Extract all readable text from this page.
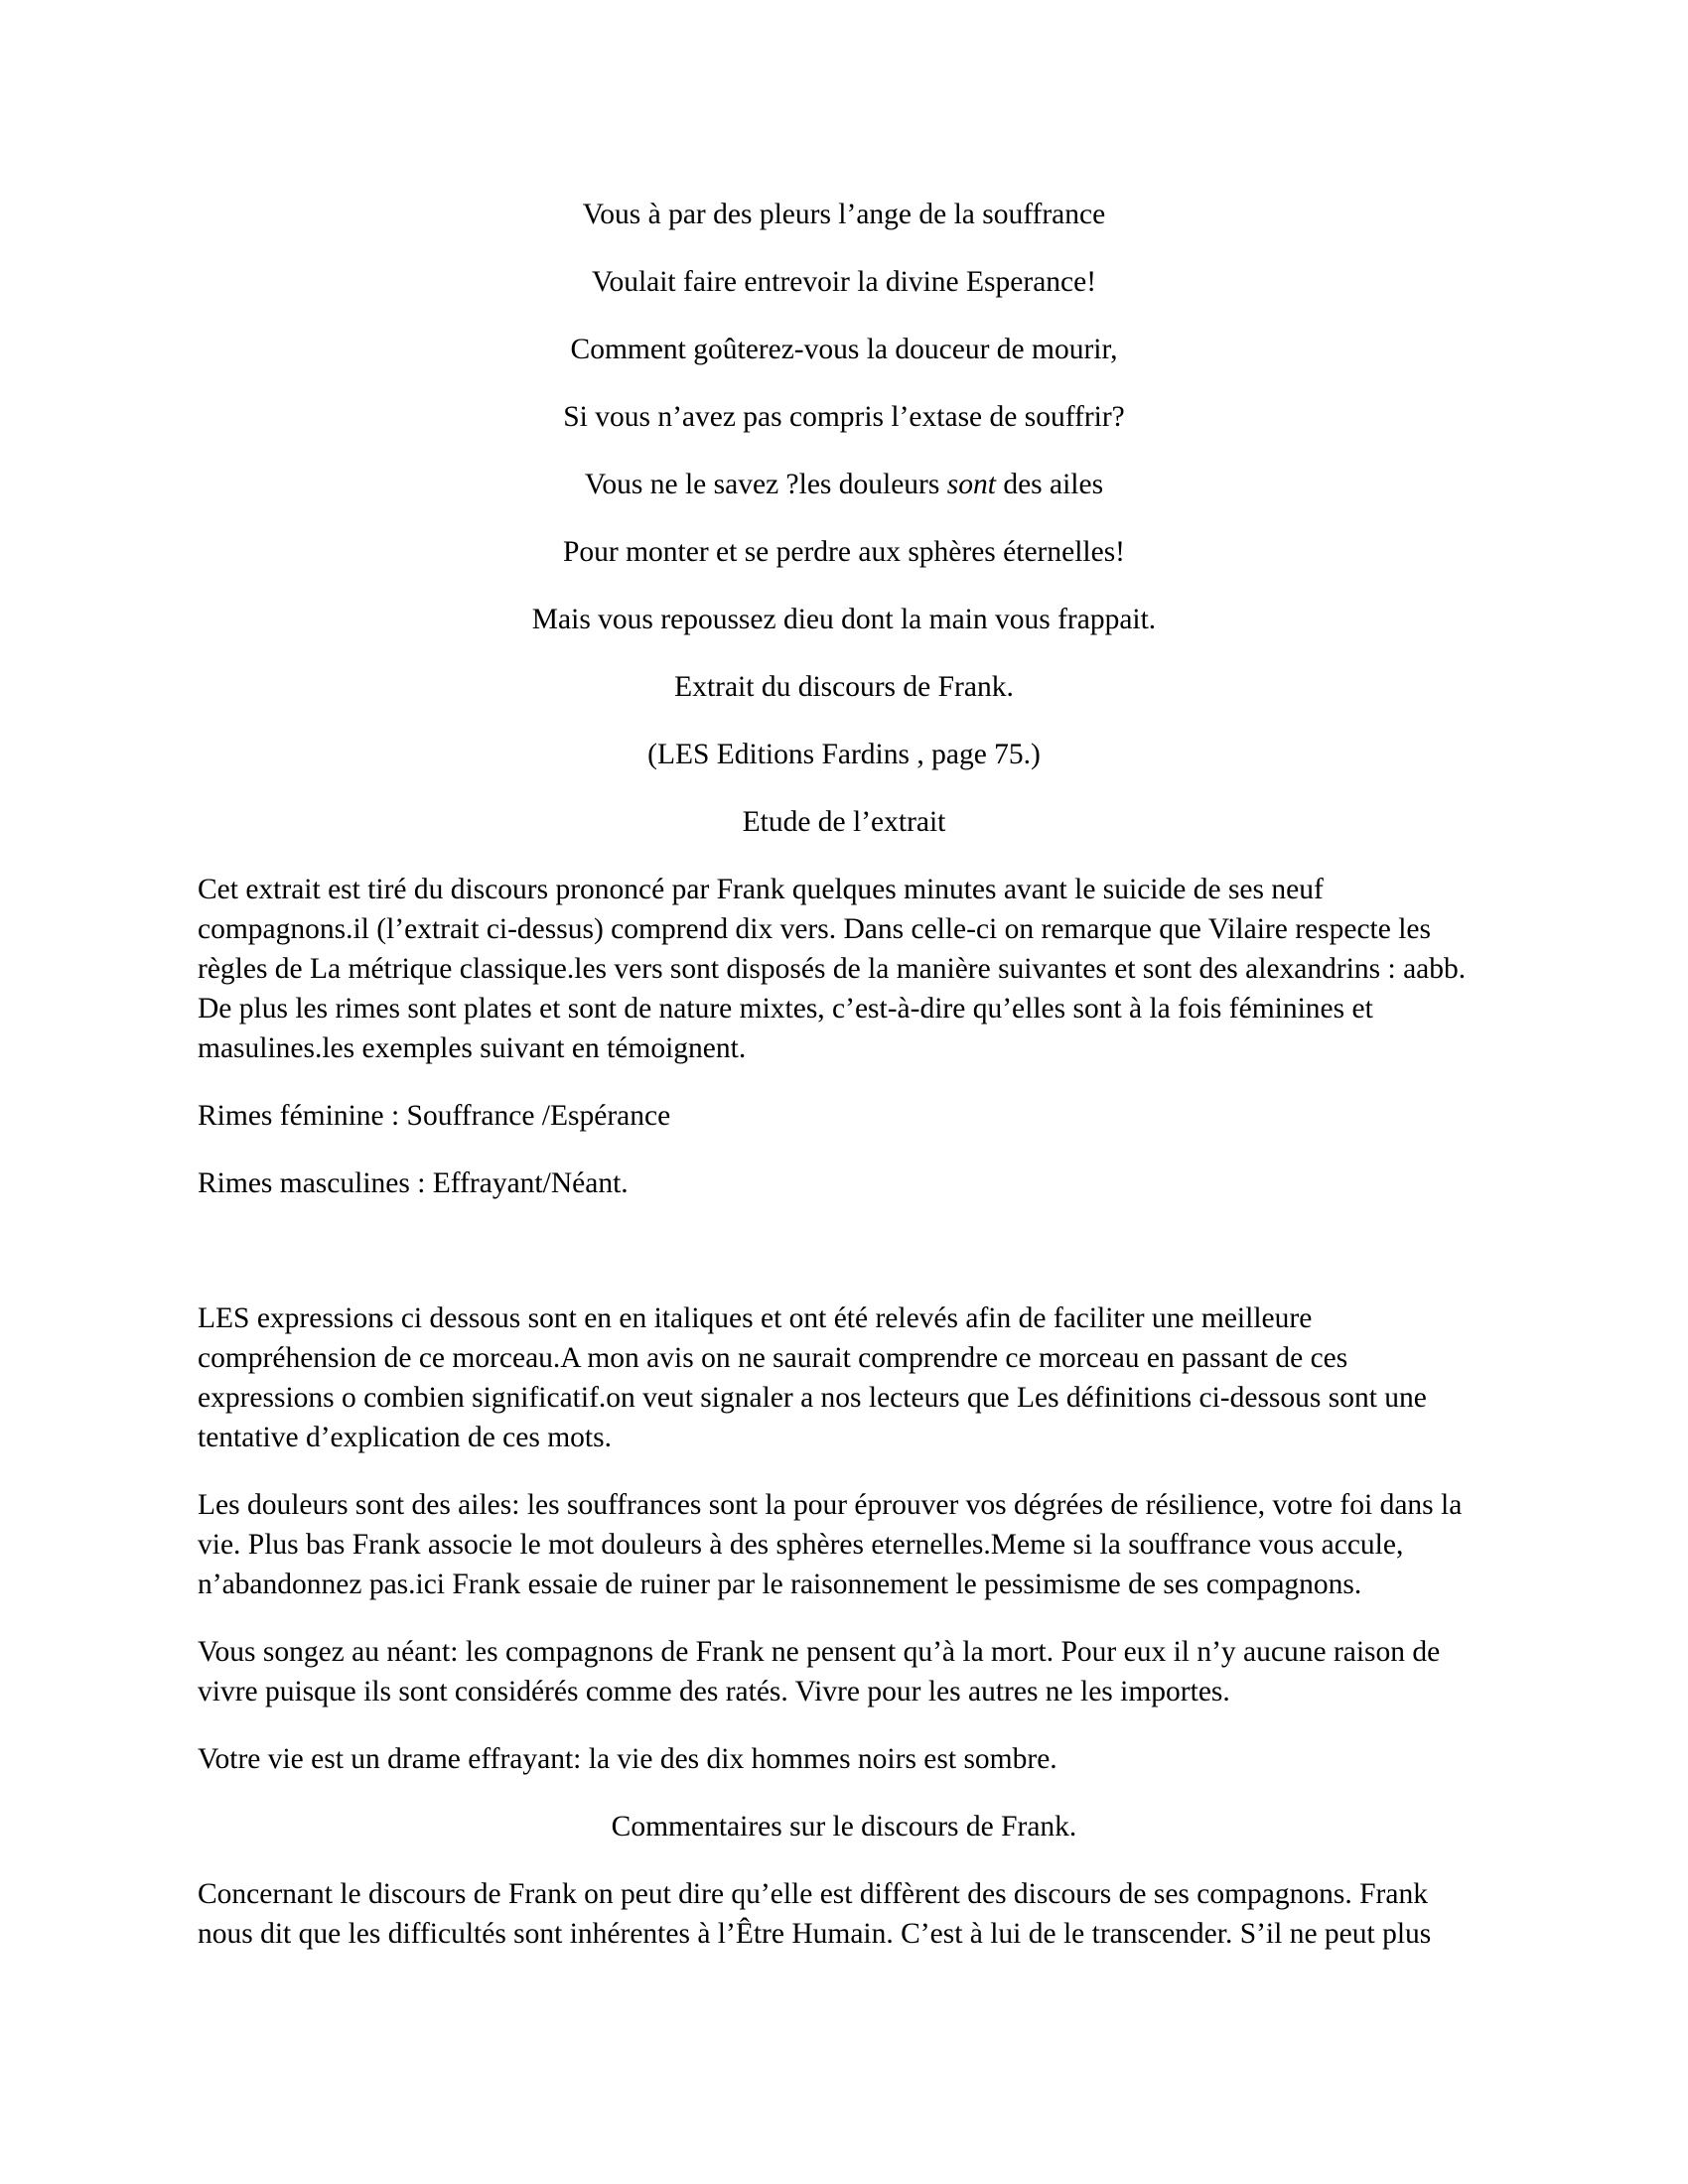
Vous à par des pleurs l’ange de la souffrance

Voulait faire entrevoir la divine Esperance!

Comment goûterez-vous la douceur de mourir,

Si vous n’avez pas compris l’extase de souffrir?

Vous ne le savez ?les douleurs sont des ailes

Pour monter et se perdre aux sphères éternelles!

Mais vous repoussez dieu dont la main vous frappait.

Extrait du discours de Frank.

(LES Editions Fardins , page 75.)

Etude de l’extrait

Cet extrait est tiré du discours prononcé par Frank quelques minutes avant le suicide de ses neuf compagnons.il (l’extrait ci-dessus) comprend dix vers. Dans celle-ci on remarque que Vilaire respecte les règles de La métrique classique.les vers sont disposés de la manière suivantes et sont des alexandrins : aabb. De plus les rimes sont plates et sont de nature mixtes, c’est-à-dire qu’elles sont à la fois féminines et masulines.les exemples suivant en témoignent.

Rimes féminine : Souffrance /Espérance

Rimes masculines : Effrayant/Néant.

LES expressions ci dessous sont en en italiques et ont été relevés afin de faciliter une meilleure compréhension de ce morceau.A mon avis on ne saurait comprendre ce morceau en passant de ces expressions o combien significatif.on veut signaler a nos lecteurs que Les définitions ci-dessous sont une tentative d’explication de ces mots.

Les douleurs sont des ailes: les souffrances sont la pour éprouver vos dégrées de résilience, votre foi dans la vie. Plus bas Frank associe le mot douleurs à des sphères eternelles.Meme si la souffrance vous accule, n’abandonnez pas.ici Frank essaie de ruiner par le raisonnement le pessimisme de ses compagnons.

Vous songez au néant: les compagnons de Frank ne pensent qu’à la mort. Pour eux il n’y aucune raison de vivre puisque ils sont considérés comme des ratés. Vivre pour les autres ne les importes.

Votre vie est un drame effrayant: la vie des dix hommes noirs est sombre.

Commentaires sur le discours de Frank.

Concernant le discours de Frank on peut dire qu’elle est diffèrent des discours de ses compagnons. Frank nous dit que les difficultés sont inhérentes à l’Être Humain. C’est à lui de le transcender. S’il ne peut plus
